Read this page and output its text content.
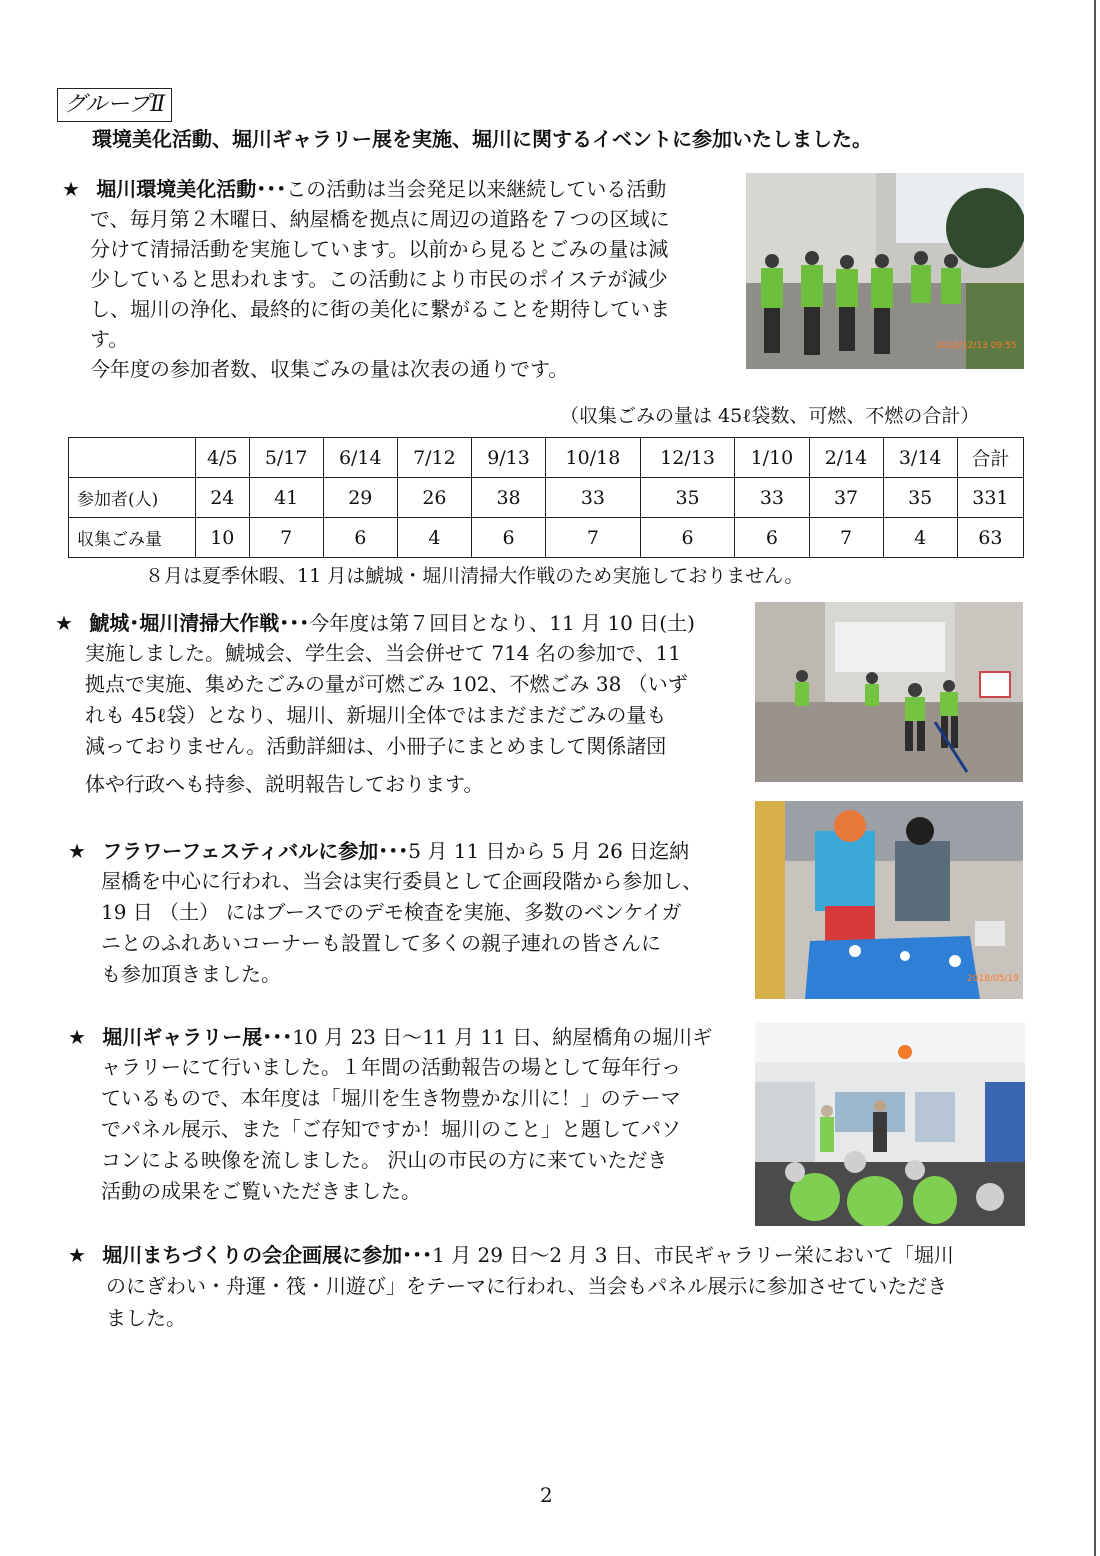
グループⅡ
環境美化活動、堀川ギャラリー展を実施、堀川に関するイベントに参加いたしました。
★ 堀川環境美化活動･･･この活動は当会発足以来継続している活動
で、毎月第２木曜日、納屋橋を拠点に周辺の道路を７つの区域に
分けて清掃活動を実施しています。以前から見るとごみの量は減
少していると思われます。この活動により市民のポイステが減少
し、堀川の浄化、最終的に街の美化に繋がることを期待していま
す。
今年度の参加者数、収集ごみの量は次表の通りです。
2018/12/13 09:55
（収集ごみの量は 45ℓ袋数、可燃、不燃の合計）
	4/5	5/17	6/14	7/12	9/13	10/18	12/13	1/10	2/14	3/14	合計
参加者(人)	24	41	29	26	38	33	35	33	37	35	331
収集ごみ量	10	7	6	4	6	7	6	6	7	4	63
８月は夏季休暇、11 月は鯱城・堀川清掃大作戦のため実施しておりません。
★ 鯱城･堀川清掃大作戦･･･今年度は第７回目となり、11 月 10 日(土)
実施しました。鯱城会、学生会、当会併せて 714 名の参加で、11
拠点で実施、集めたごみの量が可燃ごみ 102、不燃ごみ 38 （いず
れも 45ℓ袋）となり、堀川、新堀川全体ではまだまだごみの量も
減っておりません。活動詳細は、小冊子にまとめまして関係諸団
体や行政へも持参、説明報告しております。
2018/05/19
★ フラワーフェスティバルに参加･･･5 月 11 日から 5 月 26 日迄納
屋橋を中心に行われ、当会は実行委員として企画段階から参加し、
19 日 （土） にはブースでのデモ検査を実施、多数のベンケイガ
ニとのふれあいコーナーも設置して多くの親子連れの皆さんに
も参加頂きました。
★ 堀川ギャラリー展･･･10 月 23 日～11 月 11 日、納屋橋角の堀川ギ
ャラリーにて行いました。１年間の活動報告の場として毎年行っ
ているもので、本年度は「堀川を生き物豊かな川に！」のテーマ
でパネル展示、また「ご存知ですか！堀川のこと」と題してパソ
コンによる映像を流しました。 沢山の市民の方に来ていただき
活動の成果をご覧いただきました。
★ 堀川まちづくりの会企画展に参加･･･1 月 29 日～2 月 3 日、市民ギャラリー栄において「堀川
のにぎわい・舟運・筏・川遊び」をテーマに行われ、当会もパネル展示に参加させていただき
ました。
2
